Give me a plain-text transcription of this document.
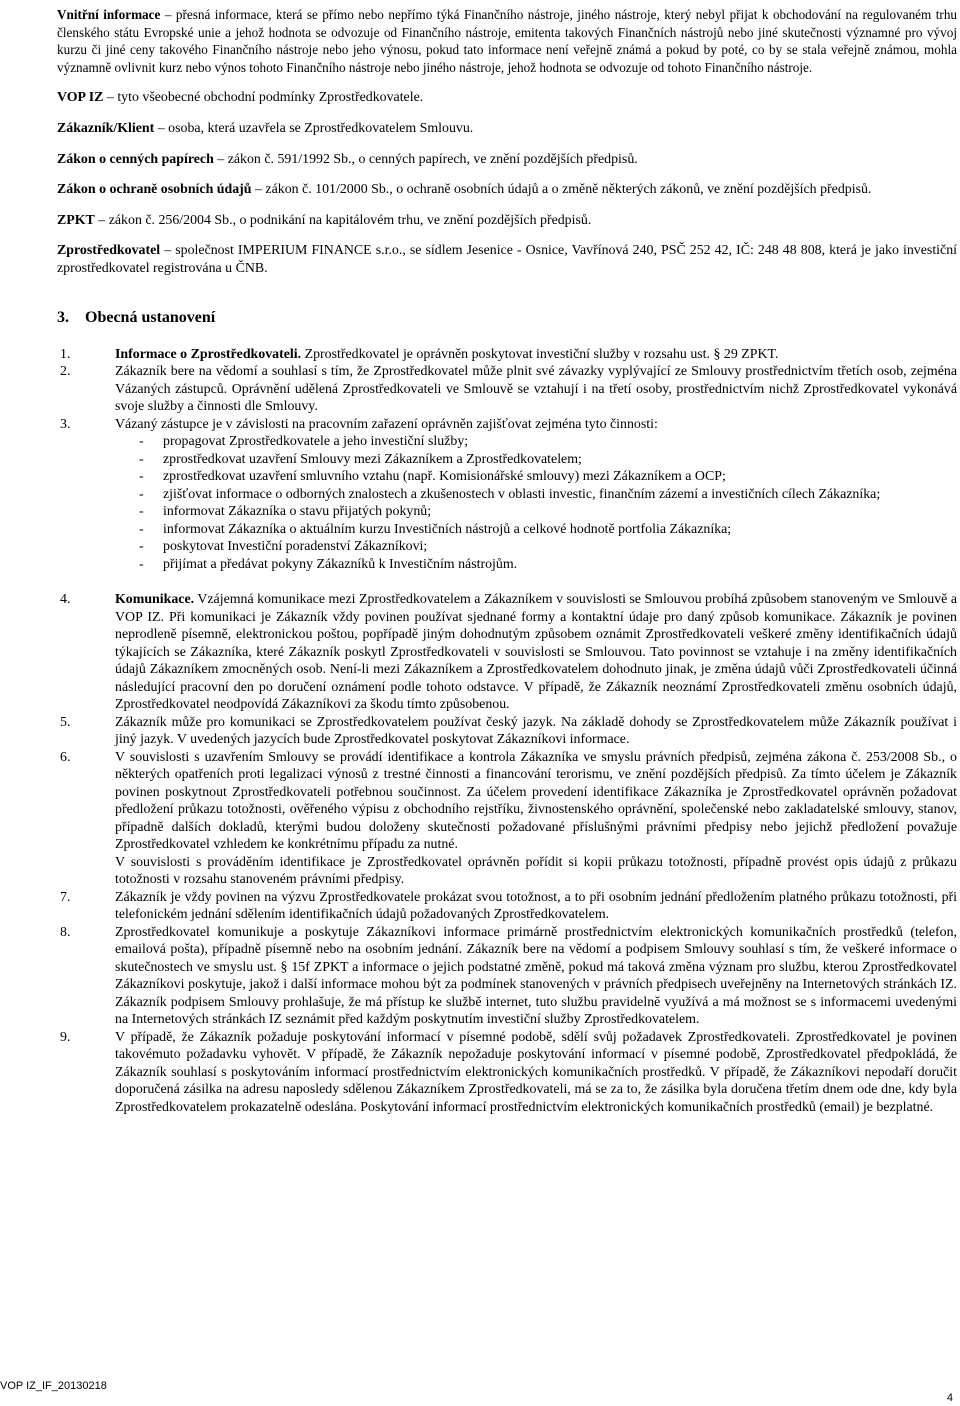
Vnitřní informace – přesná informace, která se přímo nebo nepřímo týká Finančního nástroje, jiného nástroje, který nebyl přijat k obchodování na regulovaném trhu členského státu Evropské unie a jehož hodnota se odvozuje od Finančního nástroje, emitenta takových Finančních nástrojů nebo jiné skutečnosti významné pro vývoj kurzu či jiné ceny takového Finančního nástroje nebo jeho výnosu, pokud tato informace není veřejně známá a pokud by poté, co by se stala veřejně známou, mohla významně ovlivnit kurz nebo výnos tohoto Finančního nástroje nebo jiného nástroje, jehož hodnota se odvozuje od tohoto Finančního nástroje.

VOP IZ – tyto všeobecné obchodní podmínky Zprostředkovatele.

Zákazník/Klient – osoba, která uzavřela se Zprostředkovatelem Smlouvu.

Zákon o cenných papírech – zákon č. 591/1992 Sb., o cenných papírech, ve znění pozdějších předpisů.

Zákon o ochraně osobních údajů – zákon č. 101/2000 Sb., o ochraně osobních údajů a o změně některých zákonů, ve znění pozdějších předpisů.

ZPKT – zákon č. 256/2004 Sb., o podnikání na kapitálovém trhu, ve znění pozdějších předpisů.

Zprostředkovatel – společnost IMPERIUM FINANCE s.r.o., se sídlem Jesenice - Osnice, Vavřínová 240, PSČ 252 42, IČ: 248 48 808, která je jako investiční zprostředkovatel registrována u ČNB.

3. Obecná ustanovení

1.	Informace o Zprostředkovateli. Zprostředkovatel je oprávněn poskytovat investiční služby v rozsahu ust. § 29 ZPKT.

2.	Zákazník bere na vědomí a souhlasí s tím, že Zprostředkovatel může plnit své závazky vyplývající ze Smlouvy prostřednictvím třetích osob, zejména Vázaných zástupců. Oprávnění udělená Zprostředkovateli ve Smlouvě se vztahují i na třetí osoby, prostřednictvím nichž Zprostředkovatel vykonává svoje služby a činnosti dle Smlouvy.

3.	Vázaný zástupce je v závislosti na pracovním zařazení oprávněn zajišťovat zejména tyto činnosti:

- propagovat Zprostředkovatele a jeho investiční služby;

- zprostředkovat uzavření Smlouvy mezi Zákazníkem a Zprostředkovatelem;

- zprostředkovat uzavření smluvního vztahu (např. Komisionářské smlouvy) mezi Zákazníkem a OCP;

- zjišťovat informace o odborných znalostech a zkušenostech v oblasti investic, finančním zázemí a investičních cílech Zákazníka;

- informovat Zákazníka o stavu přijatých pokynů;

- informovat Zákazníka o aktuálním kurzu Investičních nástrojů a celkové hodnotě portfolia Zákazníka;

- poskytovat Investiční poradenství Zákazníkovi;

- přijímat a předávat pokyny Zákazníků k Investičním nástrojům.

4.	Komunikace. Vzájemná komunikace mezi Zprostředkovatelem a Zákazníkem v souvislosti se Smlouvou probíhá způsobem stanoveným ve Smlouvě a VOP IZ. Při komunikaci je Zákazník vždy povinen používat sjednané formy a kontaktní údaje pro daný způsob komunikace. Zákazník je povinen neprodleně písemně, elektronickou poštou, popřípadě jiným dohodnutým způsobem oznámit Zprostředkovateli veškeré změny identifikačních údajů týkajících se Zákazníka, které Zákazník poskytl Zprostředkovateli v souvislosti se Smlouvou. Tato povinnost se vztahuje i na změny identifikačních údajů Zákazníkem zmocněných osob. Není-li mezi Zákazníkem a Zprostředkovatelem dohodnuto jinak, je změna údajů vůči Zprostředkovateli účinná následující pracovní den po doručení oznámení podle tohoto odstavce. V případě, že Zákazník neoznámí Zprostředkovateli změnu osobních údajů, Zprostředkovatel neodpovídá Zákazníkovi za škodu tímto způsobenou.

5.	Zákazník může pro komunikaci se Zprostředkovatelem používat český jazyk. Na základě dohody se Zprostředkovatelem může Zákazník používat i jiný jazyk. V uvedených jazycích bude Zprostředkovatel poskytovat Zákazníkovi informace.

6.	V souvislosti s uzavřením Smlouvy se provádí identifikace a kontrola Zákazníka ve smyslu právních předpisů, zejména zákona č. 253/2008 Sb., o některých opatřeních proti legalizaci výnosů z trestné činnosti a financování terorismu, ve znění pozdějších předpisů. Za tímto účelem je Zákazník povinen poskytnout Zprostředkovateli potřebnou součinnost. Za účelem provedení identifikace Zákazníka je Zprostředkovatel oprávněn požadovat předložení průkazu totožnosti, ověřeného výpisu z obchodního rejstříku, živnostenského oprávnění, společenské nebo zakladatelské smlouvy, stanov, případně dalších dokladů, kterými budou doloženy skutečnosti požadované příslušnými právními předpisy nebo jejichž předložení považuje Zprostředkovatel vzhledem ke konkrétnímu případu za nutné.

V souvislosti s prováděním identifikace je Zprostředkovatel oprávněn pořídit si kopii průkazu totožnosti, případně provést opis údajů z průkazu totožnosti v rozsahu stanoveném právními předpisy.

7.	Zákazník je vždy povinen na výzvu Zprostředkovatele prokázat svou totožnost, a to při osobním jednání předložením platného průkazu totožnosti, při telefonickém jednání sdělením identifikačních údajů požadovaných Zprostředkovatelem.

8.	Zprostředkovatel komunikuje a poskytuje Zákazníkovi informace primárně prostřednictvím elektronických komunikačních prostředků (telefon, emailová pošta), případně písemně nebo na osobním jednání. Zákazník bere na vědomí a podpisem Smlouvy souhlasí s tím, že veškeré informace o skutečnostech ve smyslu ust. § 15f ZPKT a informace o jejich podstatné změně, pokud má taková změna význam pro službu, kterou Zprostředkovatel Zákazníkovi poskytuje, jakož i další informace mohou být za podmínek stanovených v právních předpisech uveřejněny na Internetových stránkách IZ. Zákazník podpisem Smlouvy prohlašuje, že má přístup ke službě internet, tuto službu pravidelně využívá a má možnost se s informacemi uvedenými na Internetových stránkách IZ seznámit před každým poskytnutím investiční služby Zprostředkovatelem.

9.	V případě, že Zákazník požaduje poskytování informací v písemné podobě, sdělí svůj požadavek Zprostředkovateli. Zprostředkovatel je povinen takovémuto požadavku vyhovět. V případě, že Zákazník nepožaduje poskytování informací v písemné podobě, Zprostředkovatel předpokládá, že Zákazník souhlasí s poskytováním informací prostřednictvím elektronických komunikačních prostředků. V případě, že Zákazníkovi nepodaří doručit doporučená zásilka na adresu naposledy sdělenou Zákazníkem Zprostředkovateli, má se za to, že zásilka byla doručena třetím dnem ode dne, kdy byla Zprostředkovatelem prokazatelně odeslána. Poskytování informací prostřednictvím elektronických komunikačních prostředků (email) je bezplatné.

VOP IZ_IF_20130218
4
